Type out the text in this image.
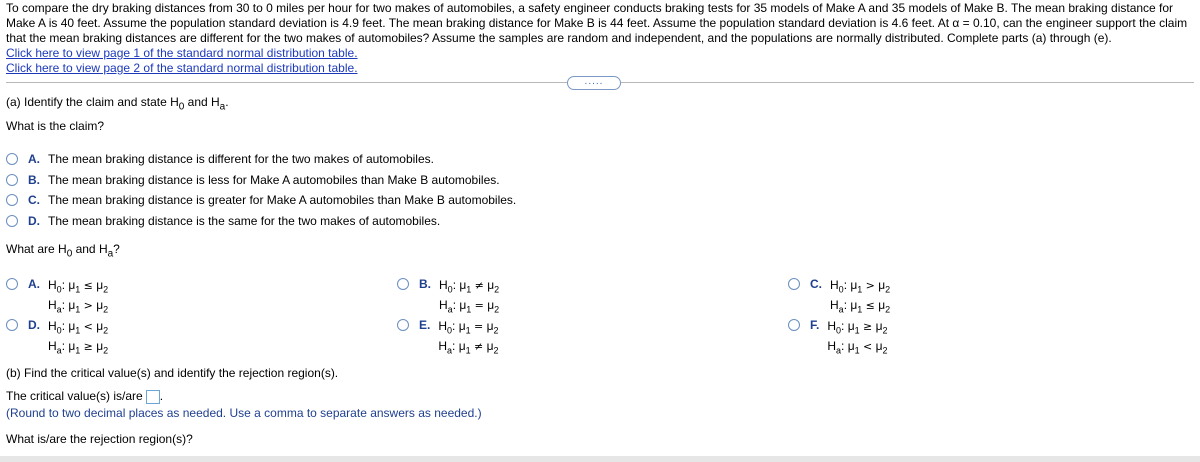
To compare the dry braking distances from 30 to 0 miles per hour for two makes of automobiles, a safety engineer conducts braking tests for 35 models of Make A and 35 models of Make B. The mean braking distance for Make A is 40 feet. Assume the population standard deviation is 4.9 feet. The mean braking distance for Make B is 44 feet. Assume the population standard deviation is 4.6 feet. At α = 0.10, can the engineer support the claim that the mean braking distances are different for the two makes of automobiles? Assume the samples are random and independent, and the populations are normally distributed. Complete parts (a) through (e).

Click here to view page 1 of the standard normal distribution table.
Click here to view page 2 of the standard normal distribution table.
.....
(a) Identify the claim and state $H_0$ and $H_a$.
What is the claim?
A. The mean braking distance is different for the two makes of automobiles.
B. The mean braking distance is less for Make A automobiles than Make B automobiles.
C. The mean braking distance is greater for Make A automobiles than Make B automobiles.
D. The mean braking distance is the same for the two makes of automobiles.
What are $H_0$ and $H_a$?
A. $H_0$: $\mu_1 \le \mu_2$
$H_a$: $\mu_1 > \mu_2$
B. $H_0$: $\mu_1 \ne \mu_2$
$H_a$: $\mu_1 = \mu_2$
C. $H_0$: $\mu_1 > \mu_2$
$H_a$: $\mu_1 \le \mu_2$
D. $H_0$: $\mu_1 < \mu_2$
$H_a$: $\mu_1 \ge \mu_2$
E. $H_0$: $\mu_1 = \mu_2$
$H_a$: $\mu_1 \ne \mu_2$
F. $H_0$: $\mu_1 \ge \mu_2$
$H_a$: $\mu_1 < \mu_2$
(b) Find the critical value(s) and identify the rejection region(s).
The critical value(s) is/are .
(Round to two decimal places as needed. Use a comma to separate answers as needed.)
What is/are the rejection region(s)?
